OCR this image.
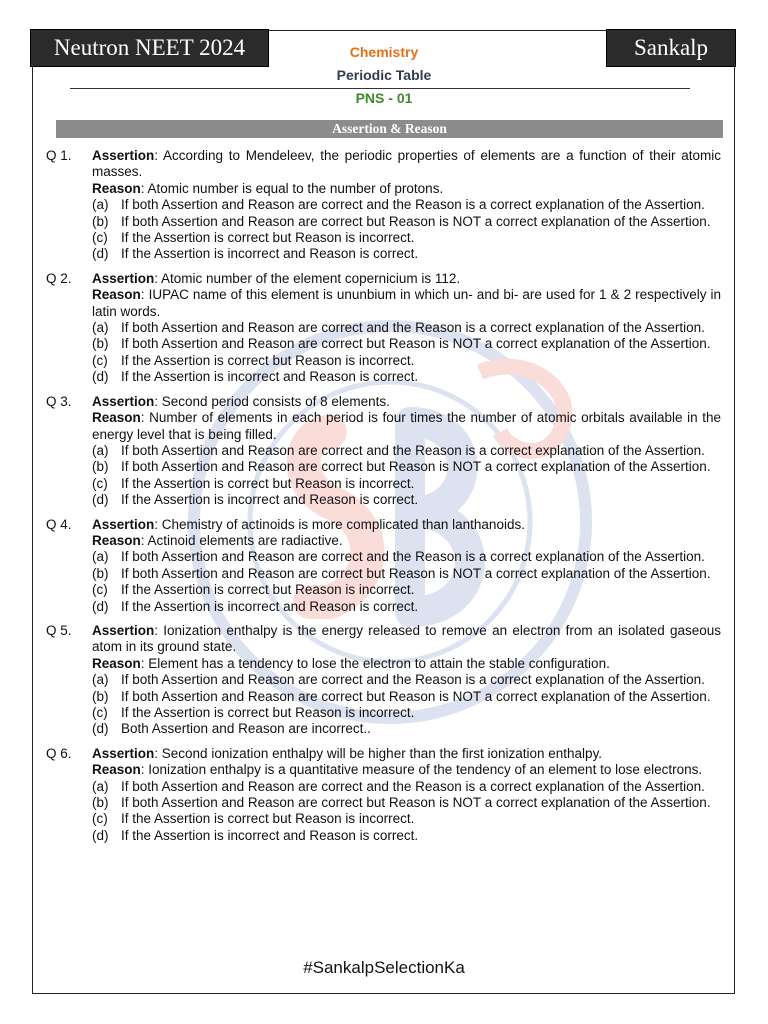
Neutron NEET 2024	Sankalp
Chemistry
Periodic Table
PNS - 01
Assertion & Reason
Q 1. Assertion: According to Mendeleev, the periodic properties of elements are a function of their atomic masses.
Reason: Atomic number is equal to the number of protons.
(a) If both Assertion and Reason are correct and the Reason is a correct explanation of the Assertion.
(b) If both Assertion and Reason are correct but Reason is NOT a correct explanation of the Assertion.
(c) If the Assertion is correct but Reason is incorrect.
(d) If the Assertion is incorrect and Reason is correct.
Q 2. Assertion: Atomic number of the element copernicium is 112.
Reason: IUPAC name of this element is ununbium in which un- and bi- are used for 1 & 2 respectively in latin words.
(a) If both Assertion and Reason are correct and the Reason is a correct explanation of the Assertion.
(b) If both Assertion and Reason are correct but Reason is NOT a correct explanation of the Assertion.
(c) If the Assertion is correct but Reason is incorrect.
(d) If the Assertion is incorrect and Reason is correct.
Q 3. Assertion: Second period consists of 8 elements.
Reason: Number of elements in each period is four times the number of atomic orbitals available in the energy level that is being filled.
(a) If both Assertion and Reason are correct and the Reason is a correct explanation of the Assertion.
(b) If both Assertion and Reason are correct but Reason is NOT a correct explanation of the Assertion.
(c) If the Assertion is correct but Reason is incorrect.
(d) If the Assertion is incorrect and Reason is correct.
Q 4. Assertion: Chemistry of actinoids is more complicated than lanthanoids.
Reason: Actinoid elements are radiactive.
(a) If both Assertion and Reason are correct and the Reason is a correct explanation of the Assertion.
(b) If both Assertion and Reason are correct but Reason is NOT a correct explanation of the Assertion.
(c) If the Assertion is correct but Reason is incorrect.
(d) If the Assertion is incorrect and Reason is correct.
Q 5. Assertion: Ionization enthalpy is the energy released to remove an electron from an isolated gaseous atom in its ground state.
Reason: Element has a tendency to lose the electron to attain the stable configuration.
(a) If both Assertion and Reason are correct and the Reason is a correct explanation of the Assertion.
(b) If both Assertion and Reason are correct but Reason is NOT a correct explanation of the Assertion.
(c) If the Assertion is correct but Reason is incorrect.
(d) Both Assertion and Reason are incorrect..
Q 6. Assertion: Second ionization enthalpy will be higher than the first ionization enthalpy.
Reason: Ionization enthalpy is a quantitative measure of the tendency of an element to lose electrons.
(a) If both Assertion and Reason are correct and the Reason is a correct explanation of the Assertion.
(b) If both Assertion and Reason are correct but Reason is NOT a correct explanation of the Assertion.
(c) If the Assertion is correct but Reason is incorrect.
(d) If the Assertion is incorrect and Reason is correct.
#SankalpSelectionKa
